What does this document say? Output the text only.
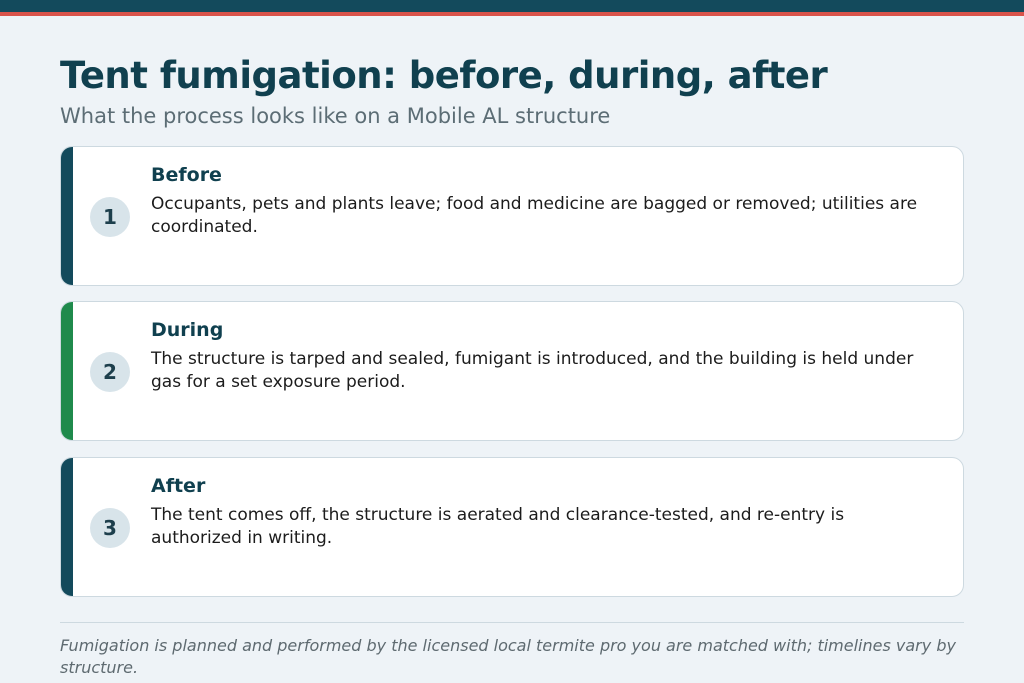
Tent fumigation: before, during, after
What the process looks like on a Mobile AL structure
1
Before
Occupants, pets and plants leave; food and medicine are bagged or removed; utilities are coordinated.
2
During
The structure is tarped and sealed, fumigant is introduced, and the building is held under gas for a set exposure period.
3
After
The tent comes off, the structure is aerated and clearance-tested, and re-entry is authorized in writing.
Fumigation is planned and performed by the licensed local termite pro you are matched with; timelines vary by structure.
